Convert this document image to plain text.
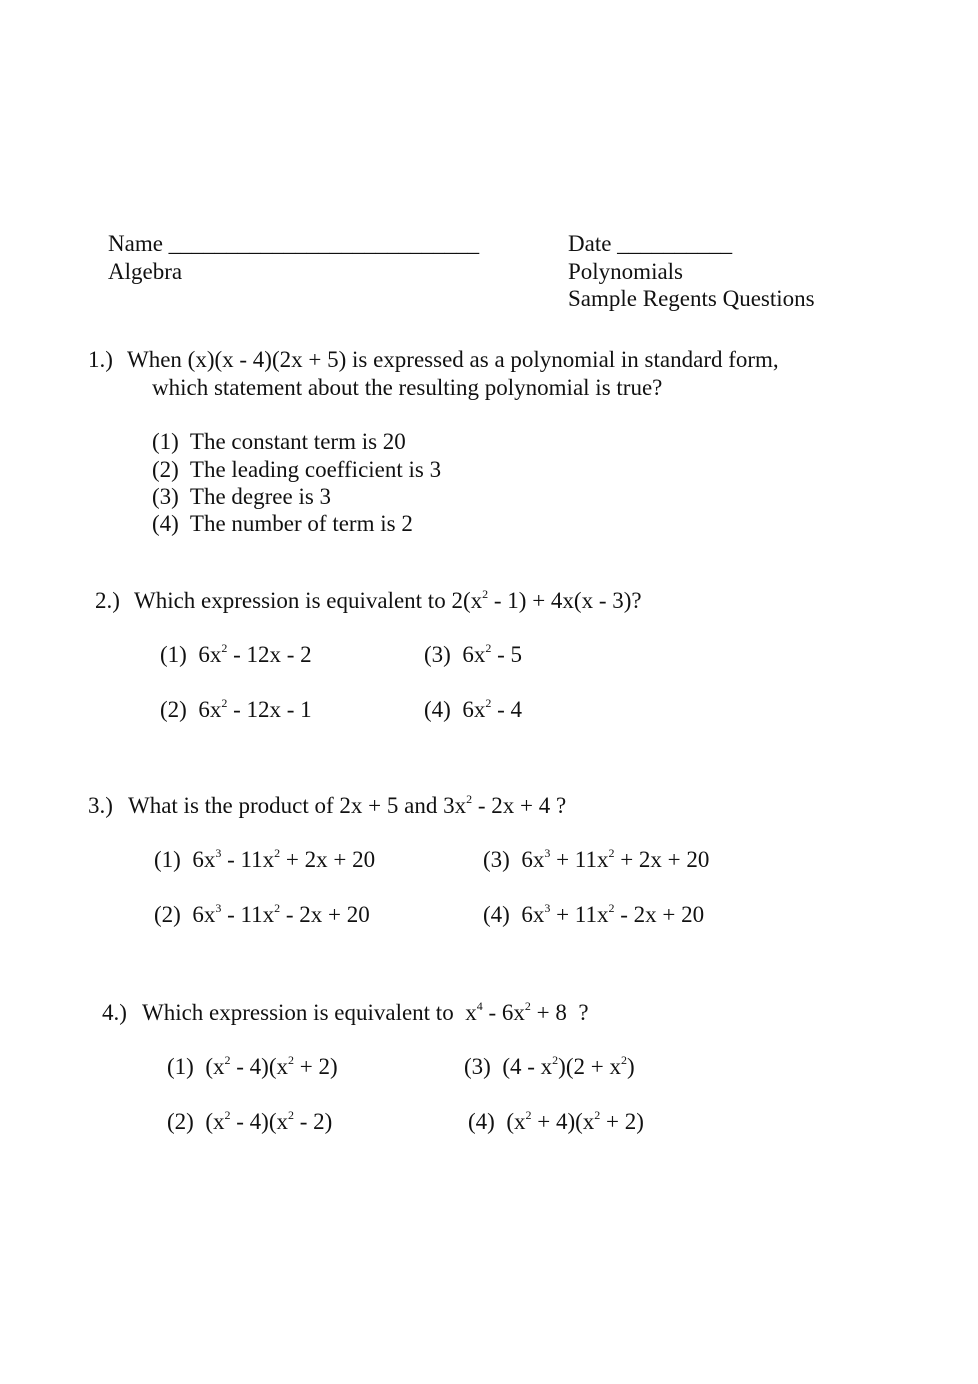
Name ___________________________	Date __________
Algebra	Polynomials
Sample Regents Questions
1.) When (x)(x - 4)(2x + 5) is expressed as a polynomial in standard form,
which statement about the resulting polynomial is true?
(1)  The constant term is 20
(2)  The leading coefficient is 3
(3)  The degree is 3
(4)  The number of term is 2
2.) Which expression is equivalent to $2(x^2 - 1) + 4x(x - 3)$?
(1) $6x^2 - 12x - 2$
(2) $6x^2 - 12x - 1$
(3) $6x^2 - 5$
(4) $6x^2 - 4$
3.) What is the product of 2x + 5 and $3x^2 - 2x + 4$ ?
(1) $6x^3 - 11x^2 + 2x + 20$
(2) $6x^3 - 11x^2 - 2x + 20$
(3) $6x^3 + 11x^2 + 2x + 20$
(4) $6x^3 + 11x^2 - 2x + 20$
4.) Which expression is equivalent to  $x^4 - 6x^2 + 8$  ?
(1) $(x^2 - 4)(x^2 + 2)$
(2) $(x^2 - 4)(x^2 - 2)$
(3) $(4 - x^2)(2 + x^2)$
(4) $(x^2 + 4)(x^2 + 2)$
